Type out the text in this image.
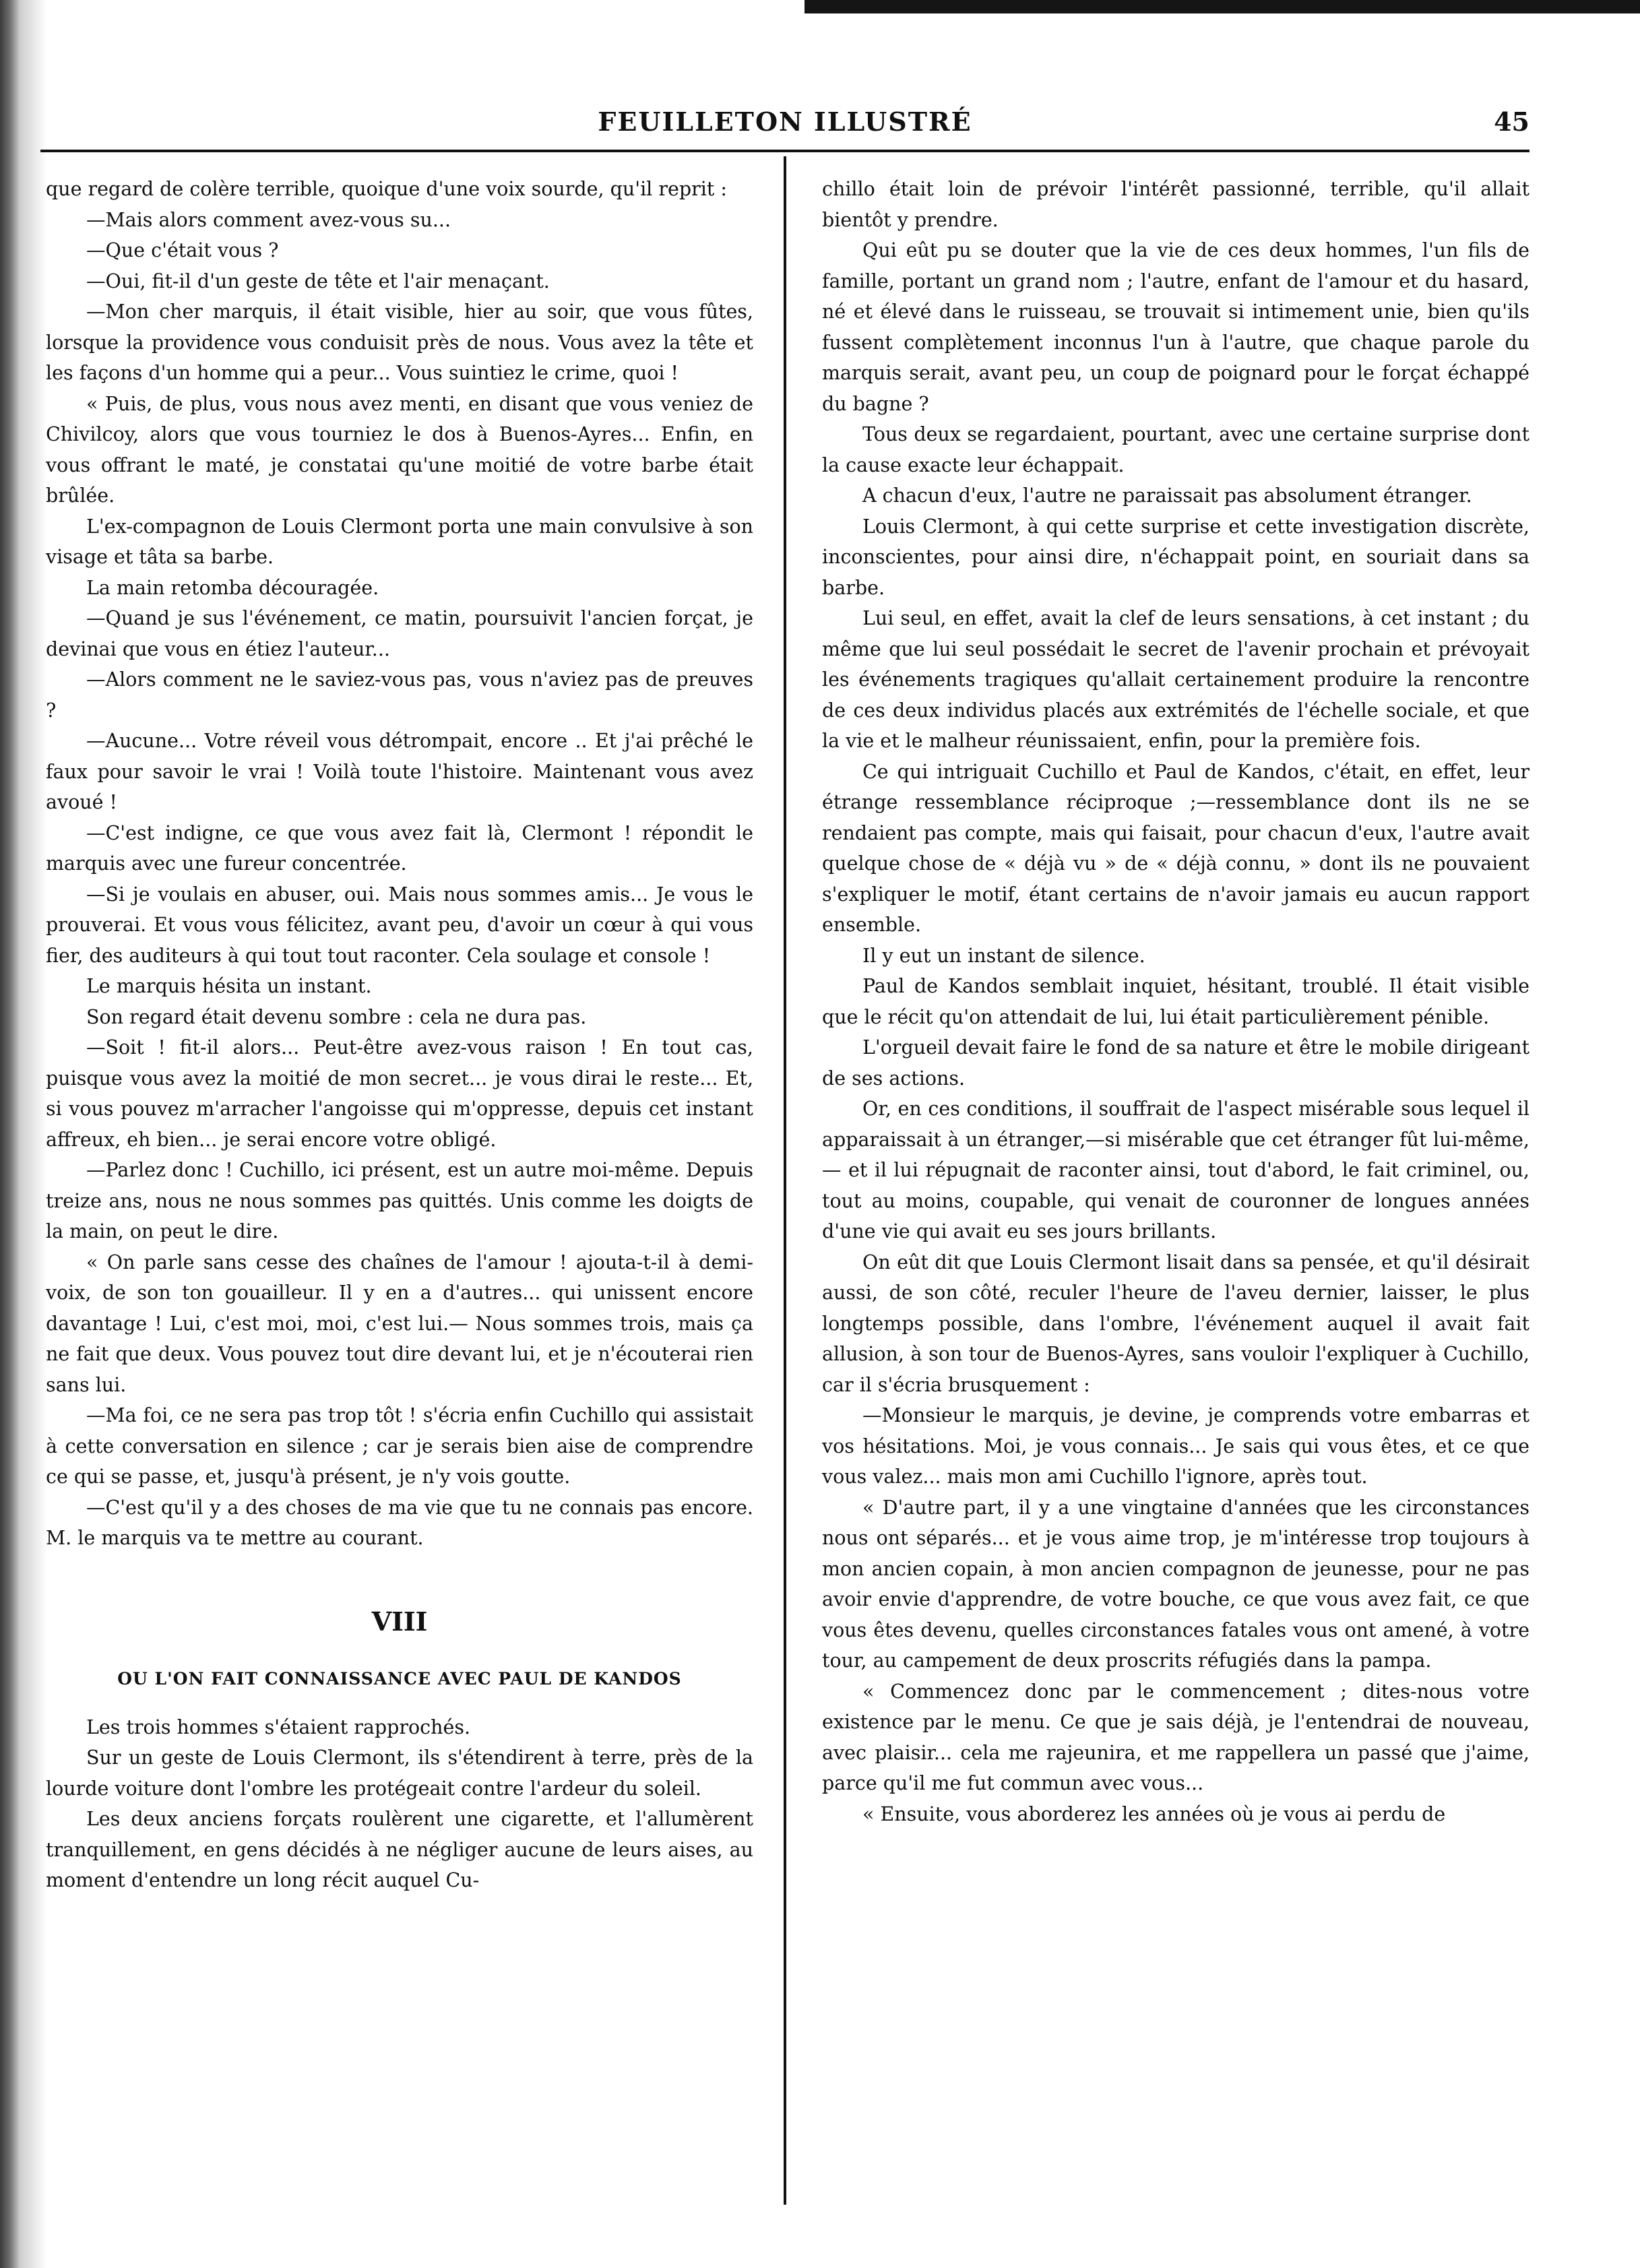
FEUILLETON ILLUSTRÉ	45

que regard de colère terrible, quoique d'une voix sourde, qu'il reprit :

—Mais alors comment avez-vous su...

—Que c'était vous ?

—Oui, fit-il d'un geste de tête et l'air menaçant.

—Mon cher marquis, il était visible, hier au soir, que vous fûtes, lorsque la providence vous conduisit près de nous. Vous avez la tête et les façons d'un homme qui a peur... Vous suintiez le crime, quoi !

« Puis, de plus, vous nous avez menti, en disant que vous veniez de Chivilcoy, alors que vous tourniez le dos à Buenos-Ayres... Enfin, en vous offrant le maté, je constatai qu'une moitié de votre barbe était brûlée.

L'ex-compagnon de Louis Clermont porta une main convulsive à son visage et tâta sa barbe.

La main retomba découragée.

—Quand je sus l'événement, ce matin, poursuivit l'ancien forçat, je devinai que vous en étiez l'auteur...

—Alors comment ne le saviez-vous pas, vous n'aviez pas de preuves ?

—Aucune... Votre réveil vous détrompait, encore .. Et j'ai prêché le faux pour savoir le vrai ! Voilà toute l'histoire. Maintenant vous avez avoué !

—C'est indigne, ce que vous avez fait là, Clermont ! répondit le marquis avec une fureur concentrée.

—Si je voulais en abuser, oui. Mais nous sommes amis... Je vous le prouverai. Et vous vous félicitez, avant peu, d'avoir un cœur à qui vous fier, des auditeurs à qui tout tout raconter. Cela soulage et console !

Le marquis hésita un instant.

Son regard était devenu sombre : cela ne dura pas.

—Soit ! fit-il alors... Peut-être avez-vous raison ! En tout cas, puisque vous avez la moitié de mon secret... je vous dirai le reste... Et, si vous pouvez m'arracher l'angoisse qui m'oppresse, depuis cet instant affreux, eh bien... je serai encore votre obligé.

—Parlez donc ! Cuchillo, ici présent, est un autre moi-même. Depuis treize ans, nous ne nous sommes pas quittés. Unis comme les doigts de la main, on peut le dire.

« On parle sans cesse des chaînes de l'amour ! ajouta-t-il à demi-voix, de son ton gouailleur. Il y en a d'autres... qui unissent encore davantage ! Lui, c'est moi, moi, c'est lui.— Nous sommes trois, mais ça ne fait que deux. Vous pouvez tout dire devant lui, et je n'écouterai rien sans lui.

—Ma foi, ce ne sera pas trop tôt ! s'écria enfin Cuchillo qui assistait à cette conversation en silence ; car je serais bien aise de comprendre ce qui se passe, et, jusqu'à présent, je n'y vois goutte.

—C'est qu'il y a des choses de ma vie que tu ne connais pas encore. M. le marquis va te mettre au courant.

VIII
OU L'ON FAIT CONNAISSANCE AVEC PAUL DE KANDOS

Les trois hommes s'étaient rapprochés.

Sur un geste de Louis Clermont, ils s'étendirent à terre, près de la lourde voiture dont l'ombre les protégeait contre l'ardeur du soleil.

Les deux anciens forçats roulèrent une cigarette, et l'allumèrent tranquillement, en gens décidés à ne négliger aucune de leurs aises, au moment d'entendre un long récit auquel Cu-

chillo était loin de prévoir l'intérêt passionné, terrible, qu'il allait bientôt y prendre.

Qui eût pu se douter que la vie de ces deux hommes, l'un fils de famille, portant un grand nom ; l'autre, enfant de l'amour et du hasard, né et élevé dans le ruisseau, se trouvait si intimement unie, bien qu'ils fussent complètement inconnus l'un à l'autre, que chaque parole du marquis serait, avant peu, un coup de poignard pour le forçat échappé du bagne ?

Tous deux se regardaient, pourtant, avec une certaine surprise dont la cause exacte leur échappait.

A chacun d'eux, l'autre ne paraissait pas absolument étranger.

Louis Clermont, à qui cette surprise et cette investigation discrète, inconscientes, pour ainsi dire, n'échappait point, en souriait dans sa barbe.

Lui seul, en effet, avait la clef de leurs sensations, à cet instant ; du même que lui seul possédait le secret de l'avenir prochain et prévoyait les événements tragiques qu'allait certainement produire la rencontre de ces deux individus placés aux extrémités de l'échelle sociale, et que la vie et le malheur réunissaient, enfin, pour la première fois.

Ce qui intriguait Cuchillo et Paul de Kandos, c'était, en effet, leur étrange ressemblance réciproque ;—ressemblance dont ils ne se rendaient pas compte, mais qui faisait, pour chacun d'eux, l'autre avait quelque chose de « déjà vu » de « déjà connu, » dont ils ne pouvaient s'expliquer le motif, étant certains de n'avoir jamais eu aucun rapport ensemble.

Il y eut un instant de silence.

Paul de Kandos semblait inquiet, hésitant, troublé. Il était visible que le récit qu'on attendait de lui, lui était particulièrement pénible.

L'orgueil devait faire le fond de sa nature et être le mobile dirigeant de ses actions.

Or, en ces conditions, il souffrait de l'aspect misérable sous lequel il apparaissait à un étranger,—si misérable que cet étranger fût lui-même,— et il lui répugnait de raconter ainsi, tout d'abord, le fait criminel, ou, tout au moins, coupable, qui venait de couronner de longues années d'une vie qui avait eu ses jours brillants.

On eût dit que Louis Clermont lisait dans sa pensée, et qu'il désirait aussi, de son côté, reculer l'heure de l'aveu dernier, laisser, le plus longtemps possible, dans l'ombre, l'événement auquel il avait fait allusion, à son tour de Buenos-Ayres, sans vouloir l'expliquer à Cuchillo, car il s'écria brusquement :

—Monsieur le marquis, je devine, je comprends votre embarras et vos hésitations. Moi, je vous connais... Je sais qui vous êtes, et ce que vous valez... mais mon ami Cuchillo l'ignore, après tout.

« D'autre part, il y a une vingtaine d'années que les circonstances nous ont séparés... et je vous aime trop, je m'intéresse trop toujours à mon ancien copain, à mon ancien compagnon de jeunesse, pour ne pas avoir envie d'apprendre, de votre bouche, ce que vous avez fait, ce que vous êtes devenu, quelles circonstances fatales vous ont amené, à votre tour, au campement de deux proscrits réfugiés dans la pampa.

« Commencez donc par le commencement ; dites-nous votre existence par le menu. Ce que je sais déjà, je l'entendrai de nouveau, avec plaisir... cela me rajeunira, et me rappellera un passé que j'aime, parce qu'il me fut commun avec vous...

« Ensuite, vous aborderez les années où je vous ai perdu de
